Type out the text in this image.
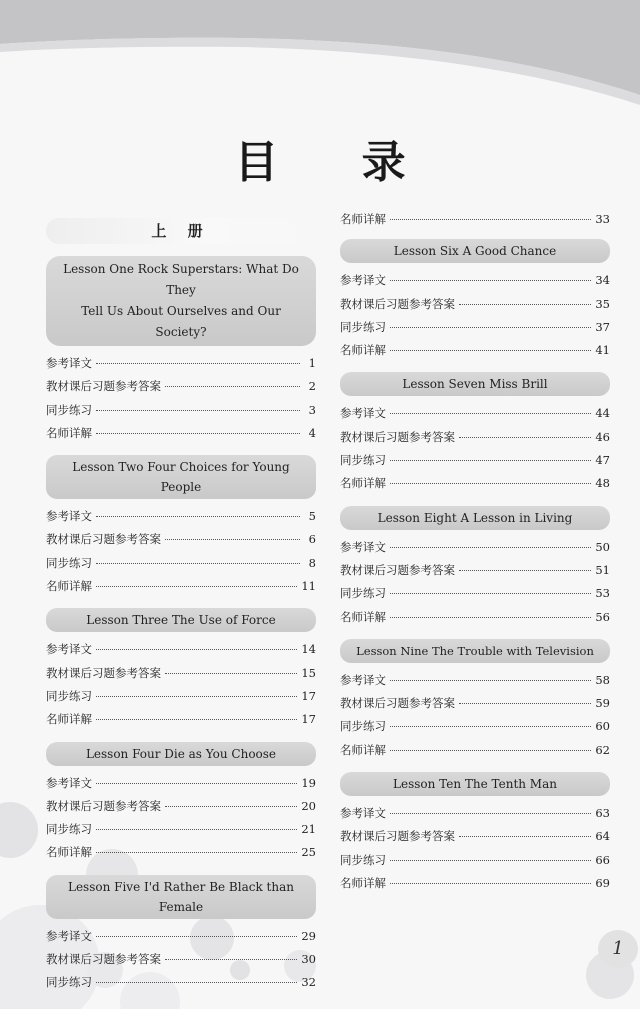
目 录
上 册
Lesson One Rock Superstars: What Do They
Tell Us About Ourselves and Our Society?
参考译文	1
教材课后习题参考答案	2
同步练习	3
名师详解	4
Lesson Two Four Choices for Young People
参考译文	5
教材课后习题参考答案	6
同步练习	8
名师详解	11
Lesson Three The Use of Force
参考译文	14
教材课后习题参考答案	15
同步练习	17
名师详解	17
Lesson Four Die as You Choose
参考译文	19
教材课后习题参考答案	20
同步练习	21
名师详解	25
Lesson Five I'd Rather Be Black than Female
参考译文	29
教材课后习题参考答案	30
同步练习	32
名师详解	33
Lesson Six A Good Chance
参考译文	34
教材课后习题参考答案	35
同步练习	37
名师详解	41
Lesson Seven Miss Brill
参考译文	44
教材课后习题参考答案	46
同步练习	47
名师详解	48
Lesson Eight A Lesson in Living
参考译文	50
教材课后习题参考答案	51
同步练习	53
名师详解	56
Lesson Nine The Trouble with Television
参考译文	58
教材课后习题参考答案	59
同步练习	60
名师详解	62
Lesson Ten The Tenth Man
参考译文	63
教材课后习题参考答案	64
同步练习	66
名师详解	69
1
